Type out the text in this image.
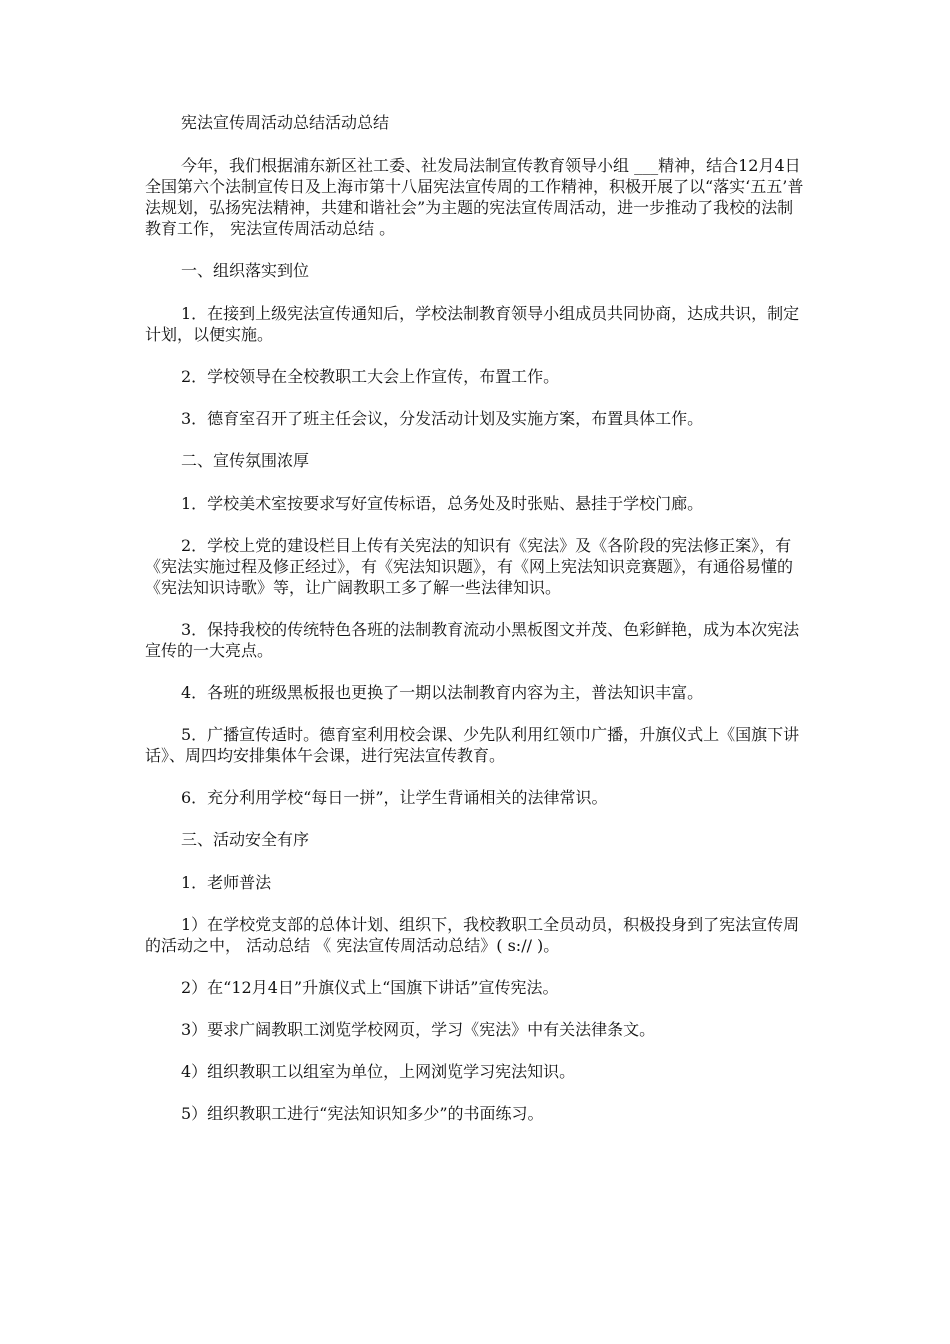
宪法宣传周活动总结活动总结

今年，我们根据浦东新区社工委、社发局法制宣传教育领导小组 ___精神，结合12月4日全国第六个法制宣传日及上海市第十八届宪法宣传周的工作精神，积极开展了以“落实‘五五’普法规划，弘扬宪法精神，共建和谐社会”为主题的宪法宣传周活动，进一步推动了我校的法制教育工作， 宪法宣传周活动总结 。

一、组织落实到位

1．在接到上级宪法宣传通知后，学校法制教育领导小组成员共同协商，达成共识，制定 计划，以便实施。

2．学校领导在全校教职工大会上作宣传，布置工作。

3．德育室召开了班主任会议，分发活动计划及实施方案，布置具体工作。

二、宣传氛围浓厚

1．学校美术室按要求写好宣传标语，总务处及时张贴、悬挂于学校门廊。

2．学校上党的建设栏目上传有关宪法的知识有《宪法》及《各阶段的宪法修正案》，有《宪法实施过程及修正经过》，有《宪法知识题》，有《网上宪法知识竞赛题》，有通俗易懂的《宪法知识诗歌》等，让广阔教职工多了解一些法律知识。

3．保持我校的传统特色各班的法制教育流动小黑板图文并茂、色彩鲜艳，成为本次宪法宣传的一大亮点。

4．各班的班级黑板报也更换了一期以法制教育内容为主，普法知识丰富。

5．广播宣传适时。德育室利用校会课、少先队利用红领巾广播，升旗仪式上《国旗下讲话》、周四均安排集体午会课，进行宪法宣传教育。

6．充分利用学校“每日一拼”，让学生背诵相关的法律常识。

三、活动安全有序

1．老师普法

1）在学校党支部的总体计划、组织下，我校教职工全员动员，积极投身到了宪法宣传周的活动之中， 活动总结 《 宪法宣传周活动总结》( s:// )。

2）在“12月4日”升旗仪式上“国旗下讲话”宣传宪法。

3）要求广阔教职工浏览学校网页，学习《宪法》中有关法律条文。

4）组织教职工以组室为单位，上网浏览学习宪法知识。

5）组织教职工进行“宪法知识知多少”的书面练习。
